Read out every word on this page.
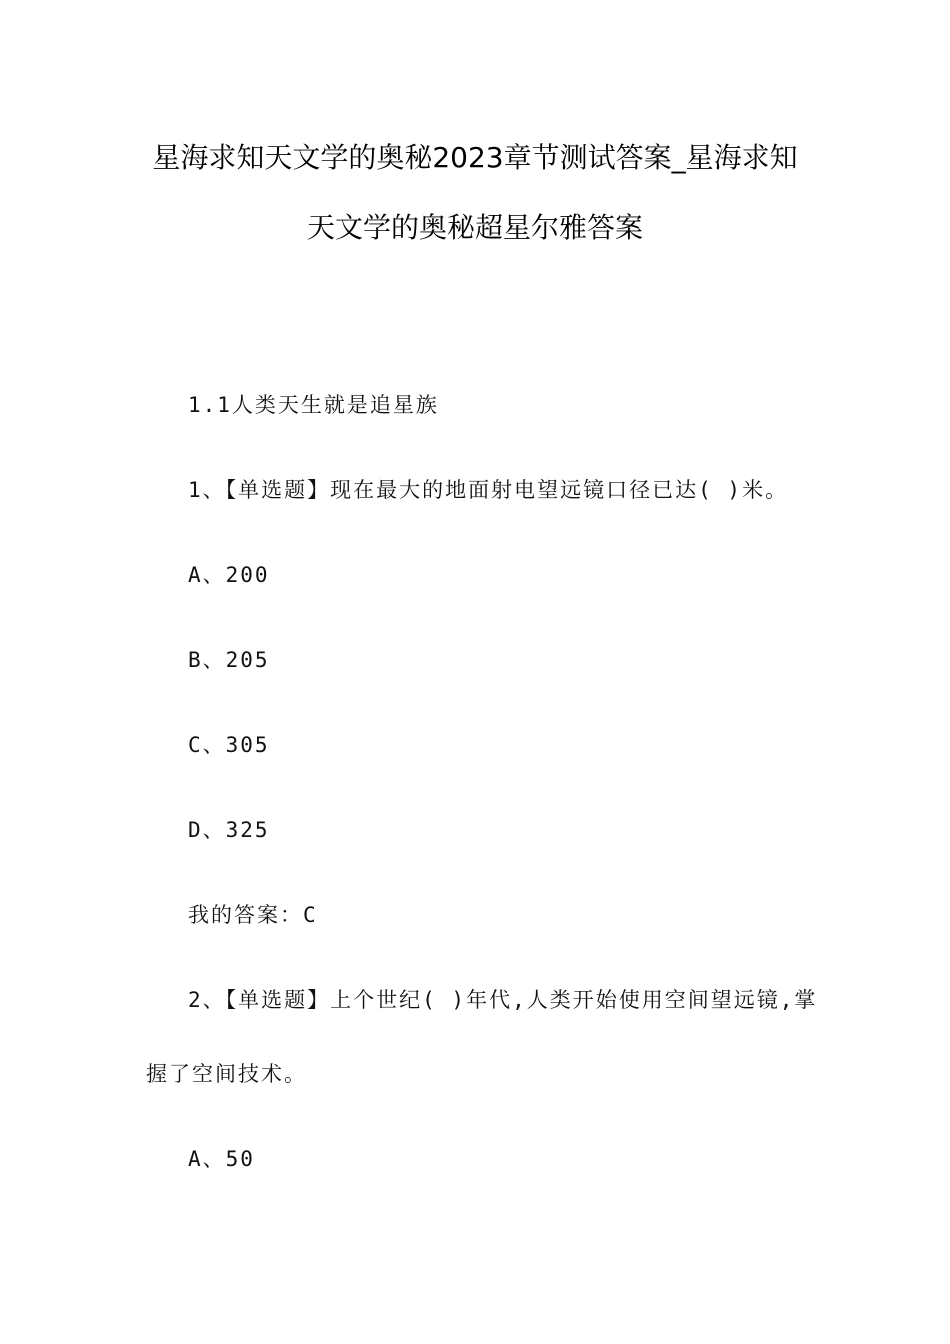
星海求知天文学的奥秘2023章节测试答案_星海求知
天文学的奥秘超星尔雅答案
1.1人类天生就是追星族
1、【单选题】现在最大的地面射电望远镜口径已达( )米。
A、200
B、205
C、305
D、325
我的答案：C
2、【单选题】上个世纪( )年代,人类开始使用空间望远镜,掌
握了空间技术。
A、50
